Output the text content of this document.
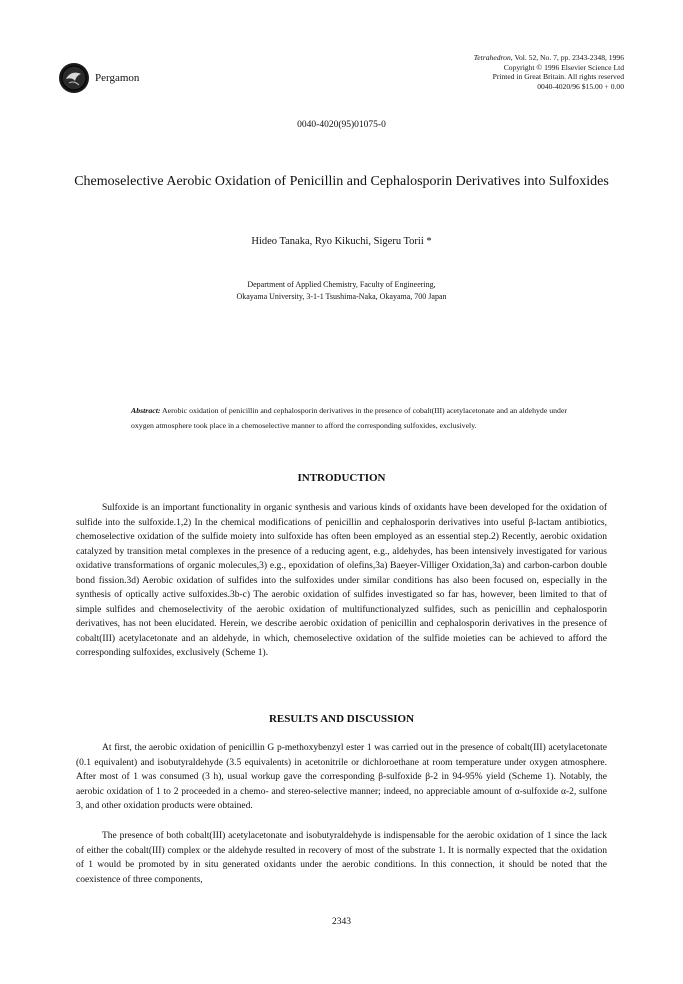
Pergamon
Tetrahedron, Vol. 52, No. 7, pp. 2343-2348, 1996
Copyright © 1996 Elsevier Science Ltd
Printed in Great Britain. All rights reserved
0040-4020/96 $15.00 + 0.00
0040-4020(95)01075-0
Chemoselective Aerobic Oxidation of Penicillin and Cephalosporin Derivatives into Sulfoxides
Hideo Tanaka, Ryo Kikuchi, Sigeru Torii *
Department of Applied Chemistry, Faculty of Engineering,
Okayama University, 3-1-1 Tsushima-Naka, Okayama, 700 Japan
Abstract: Aerobic oxidation of penicillin and cephalosporin derivatives in the presence of cobalt(III) acetylacetonate and an aldehyde under oxygen atmosphere took place in a chemoselective manner to afford the corresponding sulfoxides, exclusively.
INTRODUCTION

Sulfoxide is an important functionality in organic synthesis and various kinds of oxidants have been developed for the oxidation of sulfide into the sulfoxide.1,2) In the chemical modifications of penicillin and cephalosporin derivatives into useful β-lactam antibiotics, chemoselective oxidation of the sulfide moiety into sulfoxide has often been employed as an essential step.2) Recently, aerobic oxidation catalyzed by transition metal complexes in the presence of a reducing agent, e.g., aldehydes, has been intensively investigated for various oxidative transformations of organic molecules,3) e.g., epoxidation of olefins,3a) Baeyer-Villiger Oxidation,3a) and carbon-carbon double bond fission.3d) Aerobic oxidation of sulfides into the sulfoxides under similar conditions has also been focused on, especially in the synthesis of optically active sulfoxides.3b-c) The aerobic oxidation of sulfides investigated so far has, however, been limited to that of simple sulfides and chemoselectivity of the aerobic oxidation of multifunctionalyzed sulfides, such as penicillin and cephalosporin derivatives, has not been elucidated. Herein, we describe aerobic oxidation of penicillin and cephalosporin derivatives in the presence of cobalt(III) acetylacetonate and an aldehyde, in which, chemoselective oxidation of the sulfide moieties can be achieved to afford the corresponding sulfoxides, exclusively (Scheme 1).

RESULTS AND DISCUSSION

At first, the aerobic oxidation of penicillin G p-methoxybenzyl ester 1 was carried out in the presence of cobalt(III) acetylacetonate (0.1 equivalent) and isobutyraldehyde (3.5 equivalents) in acetonitrile or dichloroethane at room temperature under oxygen atmosphere. After most of 1 was consumed (3 h), usual workup gave the corresponding β-sulfoxide β-2 in 94-95% yield (Scheme 1). Notably, the aerobic oxidation of 1 to 2 proceeded in a chemo- and stereo-selective manner; indeed, no appreciable amount of α-sulfoxide α-2, sulfone 3, and other oxidation products were obtained.

The presence of both cobalt(III) acetylacetonate and isobutyraldehyde is indispensable for the aerobic oxidation of 1 since the lack of either the cobalt(III) complex or the aldehyde resulted in recovery of most of the substrate 1. It is normally expected that the oxidation of 1 would be promoted by in situ generated oxidants under the aerobic conditions. In this connection, it should be noted that the coexistence of three components,

2343
